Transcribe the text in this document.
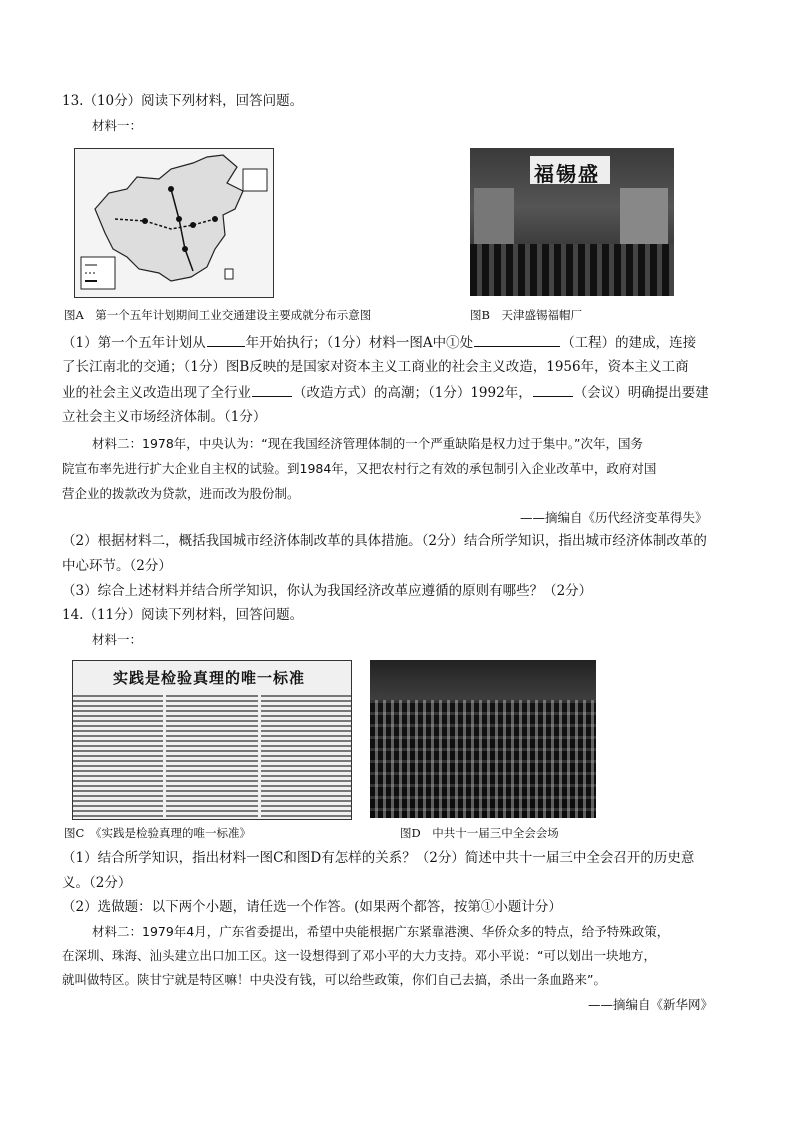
13.（10分）阅读下列材料，回答问题。
材料一：
福锡盛
图A　第一个五年计划期间工业交通建设主要成就分布示意图	图B　天津盛锡福帽厂
（1）第一个五年计划从	年开始执行；（1分）材料一图A中①处	（工程）的建成，连接
了长江南北的交通；（1分）图B反映的是国家对资本主义工商业的社会主义改造，1956年，资本主义工商
业的社会主义改造出现了全行业	（改造方式）的高潮；（1分）1992年，	（会议）明确提出要建
立社会主义市场经济体制。（1分）
材料二：1978年，中央认为：“现在我国经济管理体制的一个严重缺陷是权力过于集中。”次年，国务
院宣布率先进行扩大企业自主权的试验。到1984年，又把农村行之有效的承包制引入企业改革中，政府对国
营企业的拨款改为贷款，进而改为股份制。
——摘编自《历代经济变革得失》
（2）根据材料二，概括我国城市经济体制改革的具体措施。（2分）结合所学知识，指出城市经济体制改革的
中心环节。（2分）
（3）综合上述材料并结合所学知识，你认为我国经济改革应遵循的原则有哪些？（2分）
14.（11分）阅读下列材料，回答问题。
材料一：
实践是检验真理的唯一标准
图C　《实践是检验真理的唯一标准》	图D　中共十一届三中全会会场
（1）结合所学知识，指出材料一图C和图D有怎样的关系？（2分）简述中共十一届三中全会召开的历史意
义。（2分）
（2）选做题：以下两个小题，请任选一个作答。(如果两个都答，按第①小题计分）
材料二：1979年4月，广东省委提出，希望中央能根据广东紧靠港澳、华侨众多的特点，给予特殊政策，
在深圳、珠海、汕头建立出口加工区。这一设想得到了邓小平的大力支持。邓小平说：“可以划出一块地方，
就叫做特区。陕甘宁就是特区嘛！中央没有钱，可以给些政策，你们自己去搞，杀出一条血路来”。
——摘编自《新华网》
